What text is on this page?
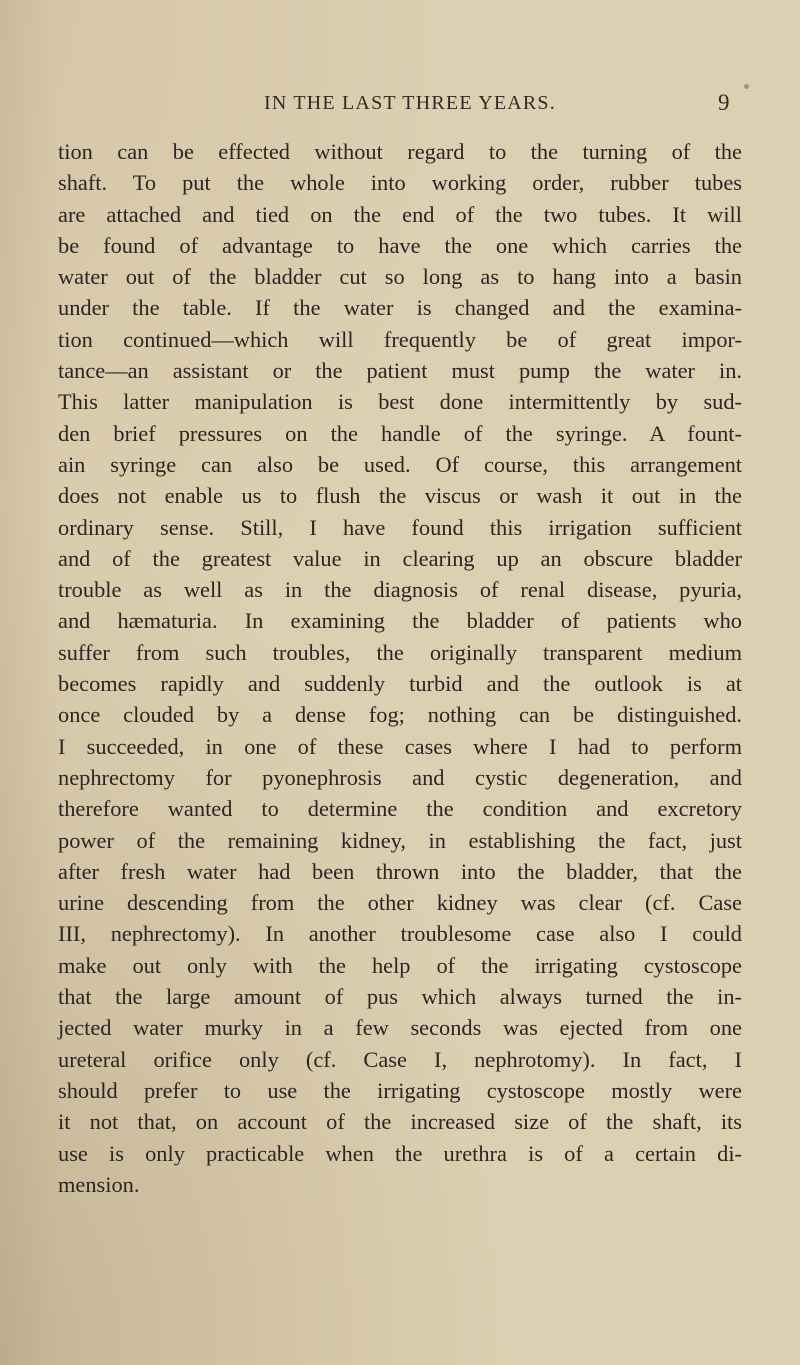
IN THE LAST THREE YEARS.	9
tion can be effected without regard to the turning of the
shaft. To put the whole into working order, rubber tubes
are attached and tied on the end of the two tubes. It will
be found of advantage to have the one which carries the
water out of the bladder cut so long as to hang into a basin
under the table. If the water is changed and the examina-
tion continued—which will frequently be of great impor-
tance—an assistant or the patient must pump the water in.
This latter manipulation is best done intermittently by sud-
den brief pressures on the handle of the syringe. A fount-
ain syringe can also be used. Of course, this arrangement
does not enable us to flush the viscus or wash it out in the
ordinary sense. Still, I have found this irrigation sufficient
and of the greatest value in clearing up an obscure bladder
trouble as well as in the diagnosis of renal disease, pyuria,
and hæmaturia. In examining the bladder of patients who
suffer from such troubles, the originally transparent medium
becomes rapidly and suddenly turbid and the outlook is at
once clouded by a dense fog; nothing can be distinguished.
I succeeded, in one of these cases where I had to perform
nephrectomy for pyonephrosis and cystic degeneration, and
therefore wanted to determine the condition and excretory
power of the remaining kidney, in establishing the fact, just
after fresh water had been thrown into the bladder, that the
urine descending from the other kidney was clear (cf. Case
III, nephrectomy). In another troublesome case also I could
make out only with the help of the irrigating cystoscope
that the large amount of pus which always turned the in-
jected water murky in a few seconds was ejected from one
ureteral orifice only (cf. Case I, nephrotomy). In fact, I
should prefer to use the irrigating cystoscope mostly were
it not that, on account of the increased size of the shaft, its
use is only practicable when the urethra is of a certain di-
mension.
